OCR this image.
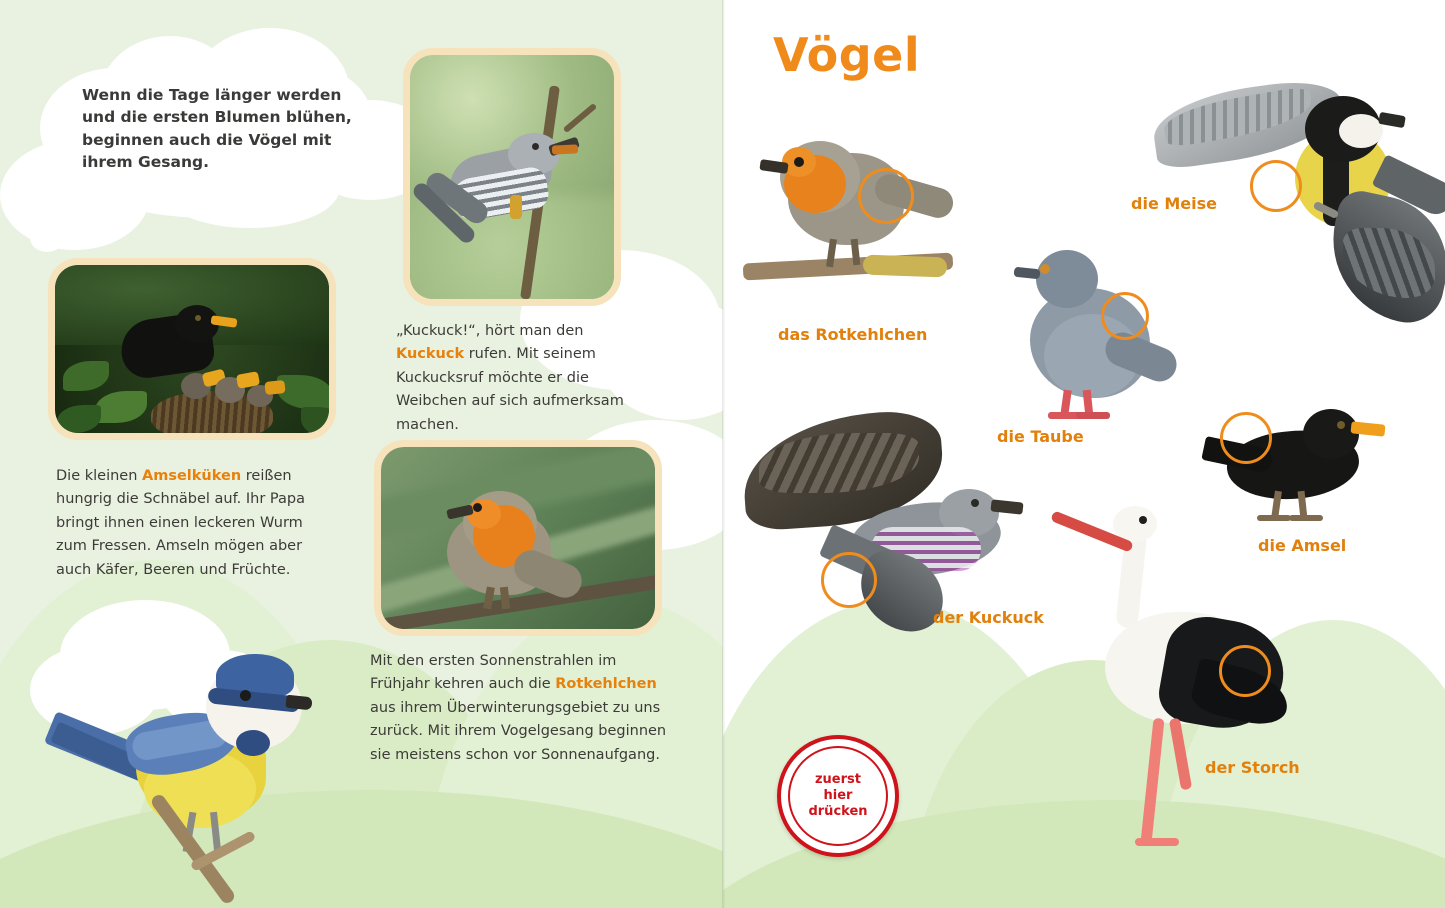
Wenn die Tage länger werden und die ersten Blumen blühen, beginnen auch die Vögel mit ihrem Gesang.
„Kuckuck!“, hört man den Kuckuck rufen. Mit seinem Kuckucksruf möchte er die Weibchen auf sich aufmerksam machen.
Die kleinen Amselküken reißen hungrig die Schnäbel auf. Ihr Papa bringt ihnen einen leckeren Wurm zum Fressen. Amseln mögen aber auch Käfer, Beeren und Früchte.
Mit den ersten Sonnenstrahlen im Frühjahr kehren auch die Rotkehlchen aus ihrem Überwinterungsgebiet zu uns zurück. Mit ihrem Vogelgesang beginnen sie meistens schon vor Sonnenaufgang.
Vögel
das Rotkehlchen
die Meise
die Taube
die Amsel
der Kuckuck
der Storch
zuerst
hier
drücken
